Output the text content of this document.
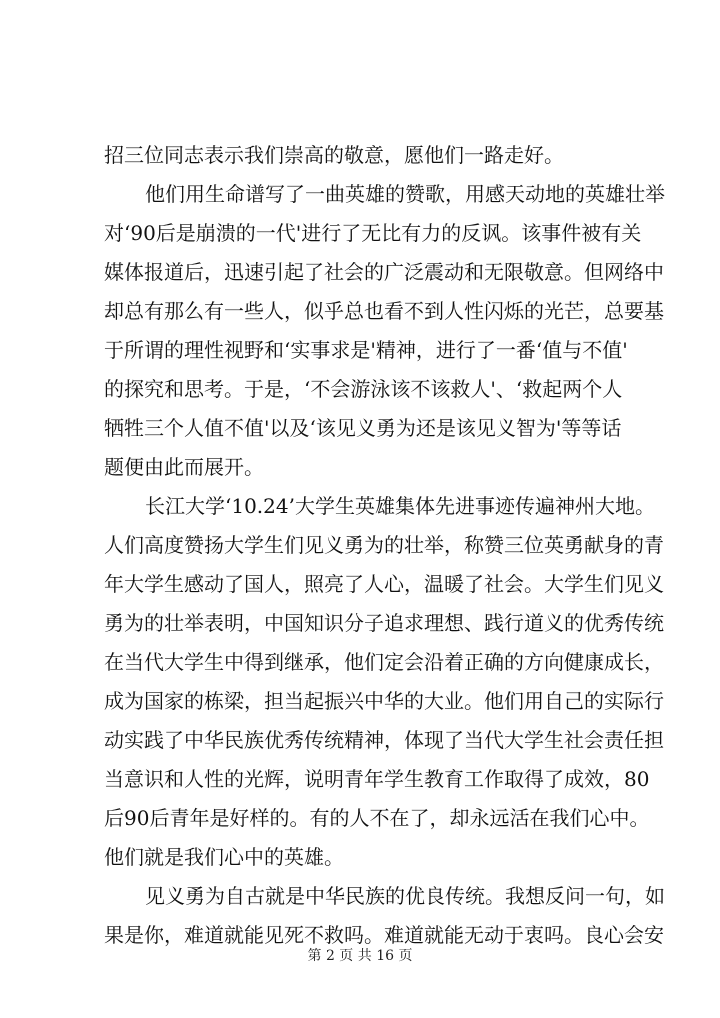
招三位同志表示我们崇高的敬意，愿他们一路走好。
他们用生命谱写了一曲英雄的赞歌，用感天动地的英雄壮举
对‘90后是崩溃的一代'进行了无比有力的反讽。该事件被有关
媒体报道后，迅速引起了社会的广泛震动和无限敬意。但网络中
却总有那么有一些人，似乎总也看不到人性闪烁的光芒，总要基
于所谓的理性视野和‘实事求是'精神，进行了一番‘值与不值'
的探究和思考。于是，‘不会游泳该不该救人'、‘救起两个人
牺牲三个人值不值'以及‘该见义勇为还是该见义智为'等等话
题便由此而展开。
长江大学‘10.24’大学生英雄集体先进事迹传遍神州大地。
人们高度赞扬大学生们见义勇为的壮举，称赞三位英勇献身的青
年大学生感动了国人，照亮了人心，温暖了社会。大学生们见义
勇为的壮举表明，中国知识分子追求理想、践行道义的优秀传统
在当代大学生中得到继承，他们定会沿着正确的方向健康成长，
成为国家的栋梁，担当起振兴中华的大业。他们用自己的实际行
动实践了中华民族优秀传统精神，体现了当代大学生社会责任担
当意识和人性的光辉，说明青年学生教育工作取得了成效，80
后90后青年是好样的。有的人不在了，却永远活在我们心中。
他们就是我们心中的英雄。
见义勇为自古就是中华民族的优良传统。我想反问一句，如
果是你，难道就能见死不救吗。难道就能无动于衷吗。良心会安
第 2 页 共 16 页
